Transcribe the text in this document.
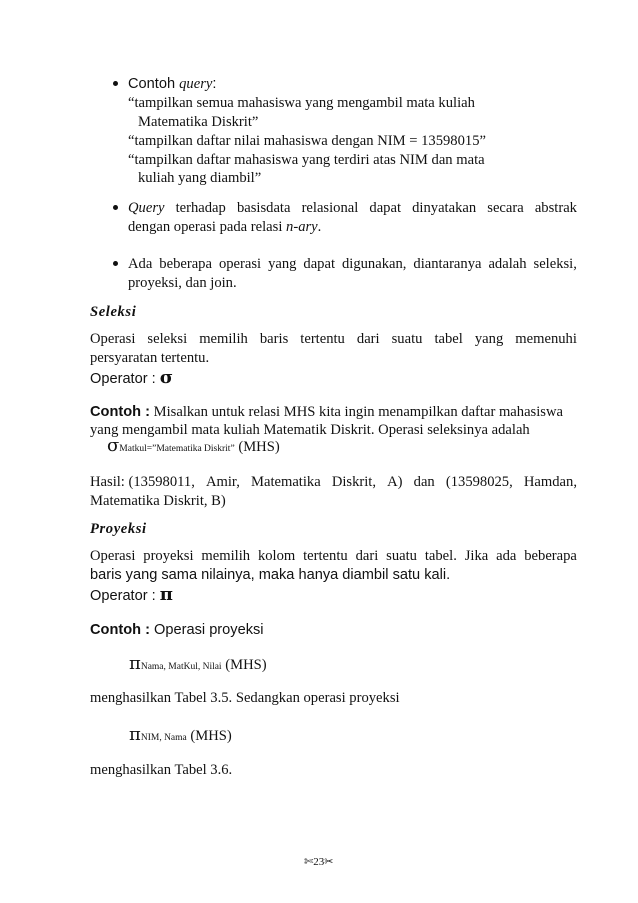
Contoh query:
“tampilkan semua mahasiswa yang mengambil mata kuliah
Matematika Diskrit”
“tampilkan daftar nilai mahasiswa dengan NIM = 13598015”
“tampilkan daftar mahasiswa yang terdiri atas NIM dan mata
kuliah yang diambil”
Query terhadap basisdata relasional dapat dinyatakan secara abstrak
dengan operasi pada relasi n-ary.
Ada beberapa operasi yang dapat digunakan, diantaranya adalah seleksi,
proyeksi, dan join.
Seleksi
Operasi seleksi memilih baris tertentu dari suatu tabel yang memenuhi
persyaratan tertentu.
Operator : σ
Contoh : Misalkan untuk relasi MHS kita ingin menampilkan daftar mahasiswa
yang mengambil mata kuliah Matematik Diskrit. Operasi seleksinya adalah
σMatkul=”Matematika Diskrit” (MHS)
Hasil: (13598011, Amir, Matematika Diskrit, A) dan (13598025, Hamdan,
Matematika Diskrit, B)
Proyeksi
Operasi proyeksi memilih kolom tertentu dari suatu tabel. Jika ada beberapa
baris yang sama nilainya, maka hanya diambil satu kali.
Operator : π
Contoh : Operasi proyeksi
πNama, MatKul, Nilai (MHS)
menghasilkan Tabel 3.5. Sedangkan operasi proyeksi
πNIM, Nama (MHS)
menghasilkan Tabel 3.6.
✄23✂
